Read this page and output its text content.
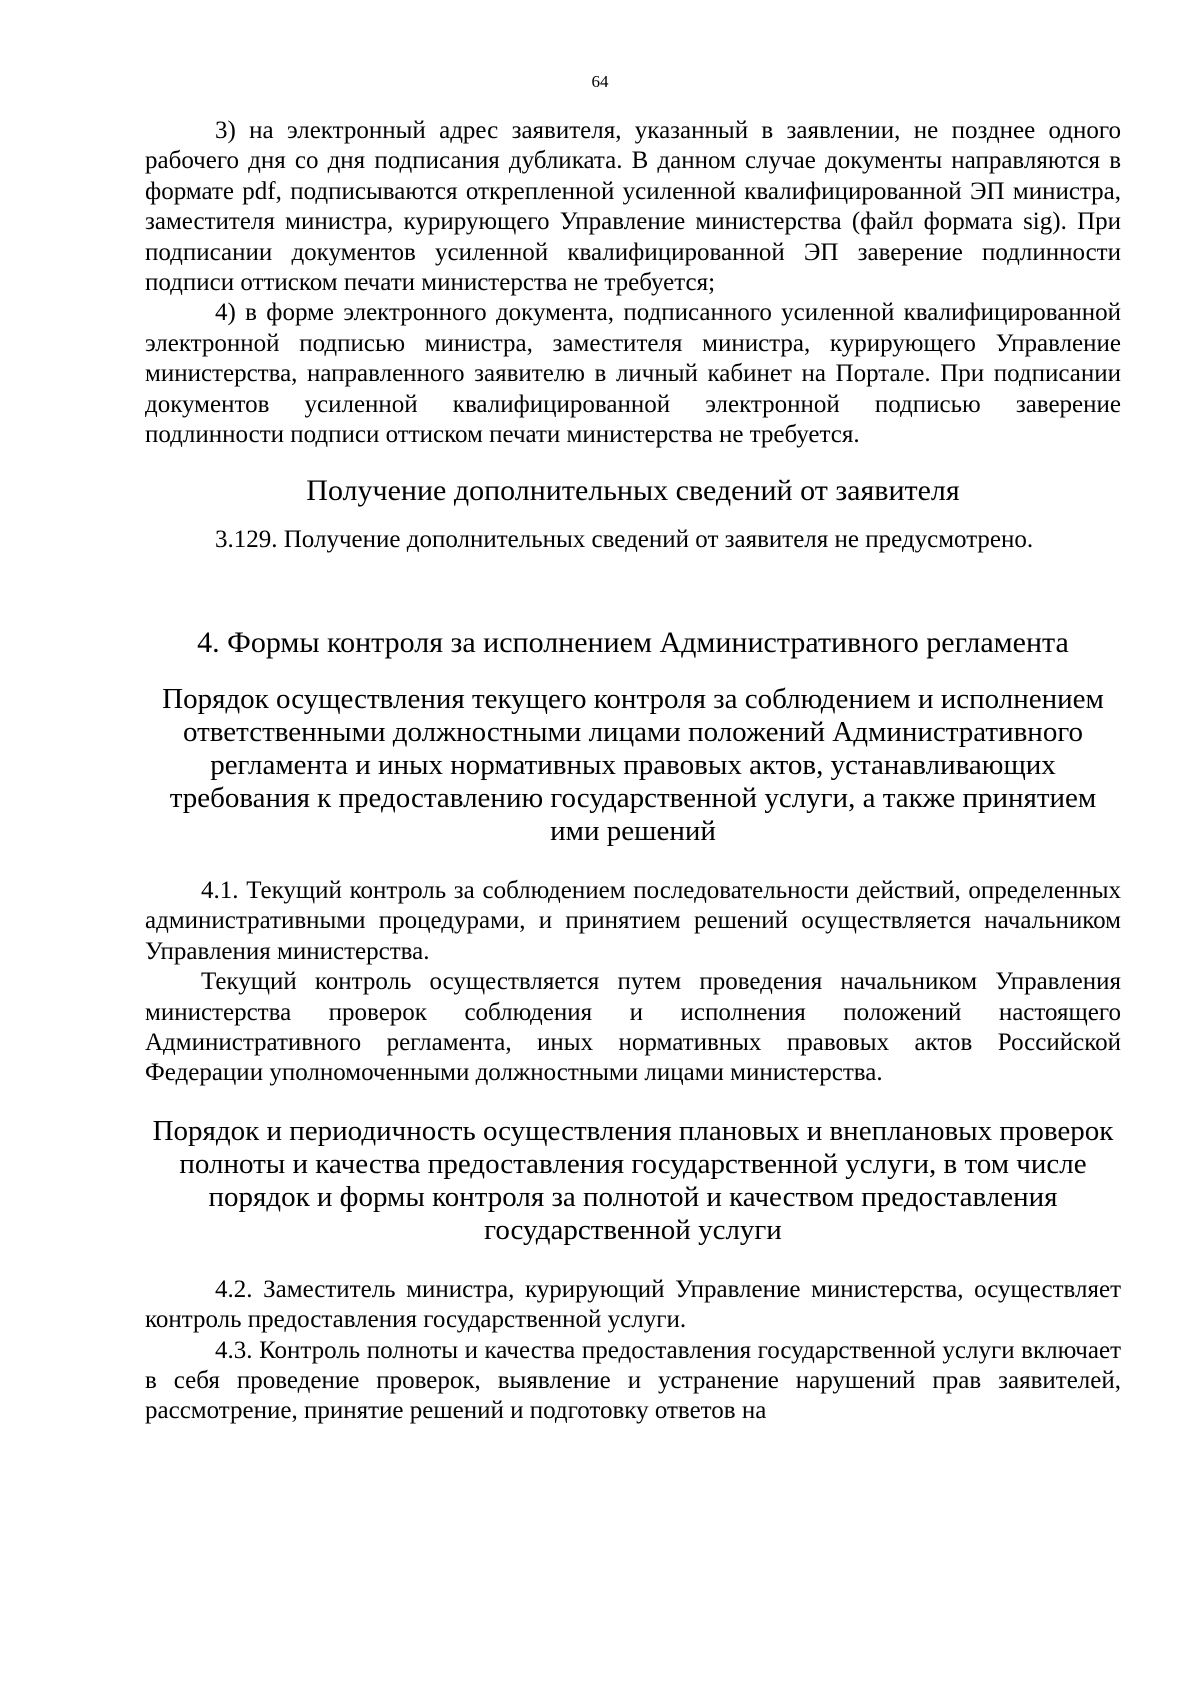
64

3) на электронный адрес заявителя, указанный в заявлении, не позднее одного рабочего дня со дня подписания дубликата. В данном случае документы направляются в формате pdf, подписываются открепленной усиленной квалифицированной ЭП министра, заместителя министра, курирующего Управление министерства (файл формата sig). При подписании документов усиленной квалифицированной ЭП заверение подлинности подписи оттиском печати министерства не требуется;

4) в форме электронного документа, подписанного усиленной квалифицированной электронной подписью министра, заместителя министра, курирующего Управление министерства, направленного заявителю в личный кабинет на Портале. При подписании документов усиленной квалифицированной электронной подписью заверение подлинности подписи оттиском печати министерства не требуется.

Получение дополнительных сведений от заявителя

3.129. Получение дополнительных сведений от заявителя не предусмотрено.

4. Формы контроля за исполнением Административного регламента
Порядок осуществления текущего контроля за соблюдением и исполнением ответственными должностными лицами положений Административного регламента и иных нормативных правовых актов, устанавливающих требования к предоставлению государственной услуги, а также принятием ими решений

4.1. Текущий контроль за соблюдением последовательности действий, определенных административными процедурами, и принятием решений осуществляется начальником Управления министерства.

Текущий контроль осуществляется путем проведения начальником Управления министерства проверок соблюдения и исполнения положений настоящего Административного регламента, иных нормативных правовых актов Российской Федерации уполномоченными должностными лицами министерства.

Порядок и периодичность осуществления плановых и внеплановых проверок полноты и качества предоставления государственной услуги, в том числе порядок и формы контроля за полнотой и качеством предоставления государственной услуги

4.2. Заместитель министра, курирующий Управление министерства, осуществляет контроль предоставления государственной услуги.

4.3. Контроль полноты и качества предоставления государственной услуги включает в себя проведение проверок, выявление и устранение нарушений прав заявителей, рассмотрение, принятие решений и подготовку ответов на
